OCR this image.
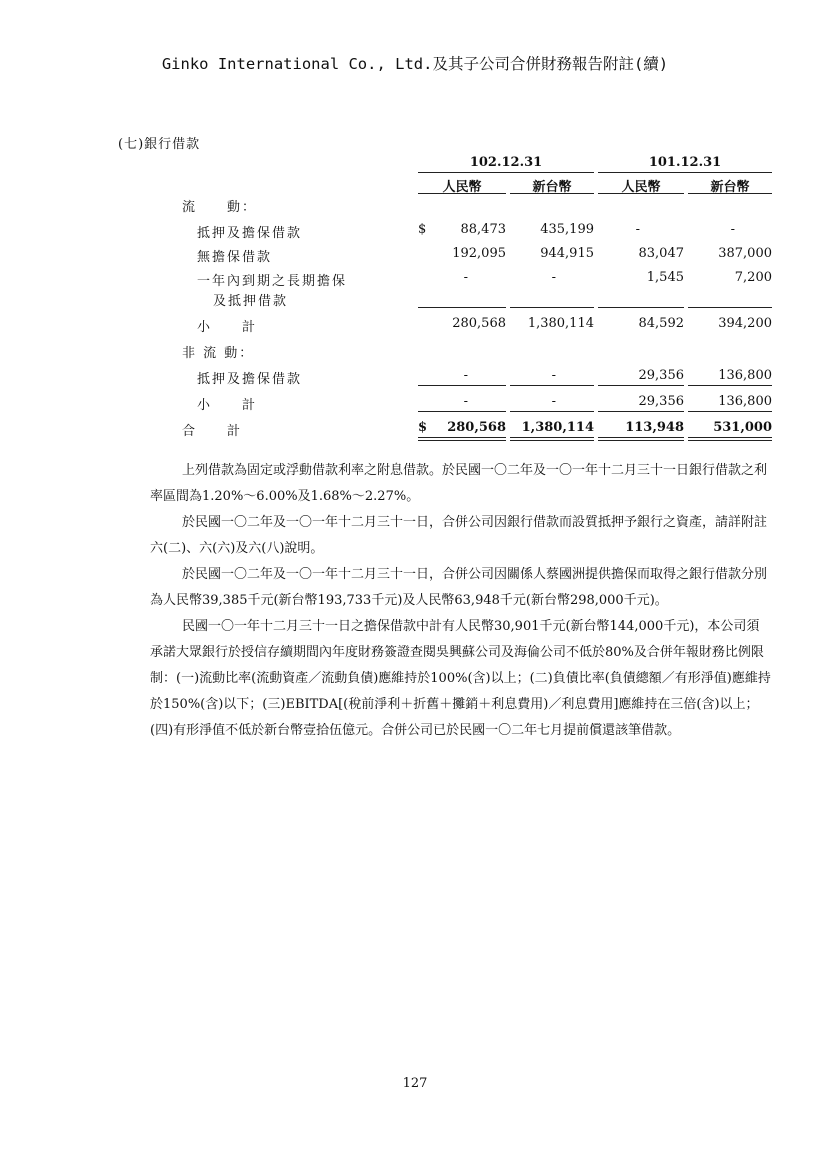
Ginko International Co., Ltd.及其子公司合併財務報告附註(續)
(七)銀行借款
102.12.31	101.12.31
人民幣	新台幣	人民幣	新台幣
流　　動：
抵押及擔保借款	$	88,473	435,199	-	-
無擔保借款	192,095	944,915	83,047	387,000
一年內到期之長期擔保
及抵押借款
-	-	1,545	7,200
小　　計	280,568	1,380,114	84,592	394,200
非 流 動：
抵押及擔保借款	-	-	29,356	136,800
小　　計	-	-	29,356	136,800
合　　計	$	280,568	1,380,114	113,948	531,000
上列借款為固定或浮動借款利率之附息借款。於民國一〇二年及一〇一年十二月三十一日銀行借款之利率區間為1.20%～6.00%及1.68%～2.27%。
於民國一〇二年及一〇一年十二月三十一日，合併公司因銀行借款而設質抵押予銀行之資產，請詳附註六(二)、六(六)及六(八)說明。
於民國一〇二年及一〇一年十二月三十一日，合併公司因關係人蔡國洲提供擔保而取得之銀行借款分別為人民幣39,385千元(新台幣193,733千元)及人民幣63,948千元(新台幣298,000千元)。
民國一〇一年十二月三十一日之擔保借款中計有人民幣30,901千元(新台幣144,000千元)，本公司須承諾大眾銀行於授信存續期間內年度財務簽證查閱吳興蘇公司及海倫公司不低於80%及合併年報財務比例限制：(一)流動比率(流動資產／流動負債)應維持於100%(含)以上；(二)負債比率(負債總額／有形淨值)應維持於150%(含)以下；(三)EBITDA[(稅前淨利＋折舊＋攤銷＋利息費用)／利息費用]應維持在三倍(含)以上；(四)有形淨值不低於新台幣壹拾伍億元。合併公司已於民國一〇二年七月提前償還該筆借款。
127
